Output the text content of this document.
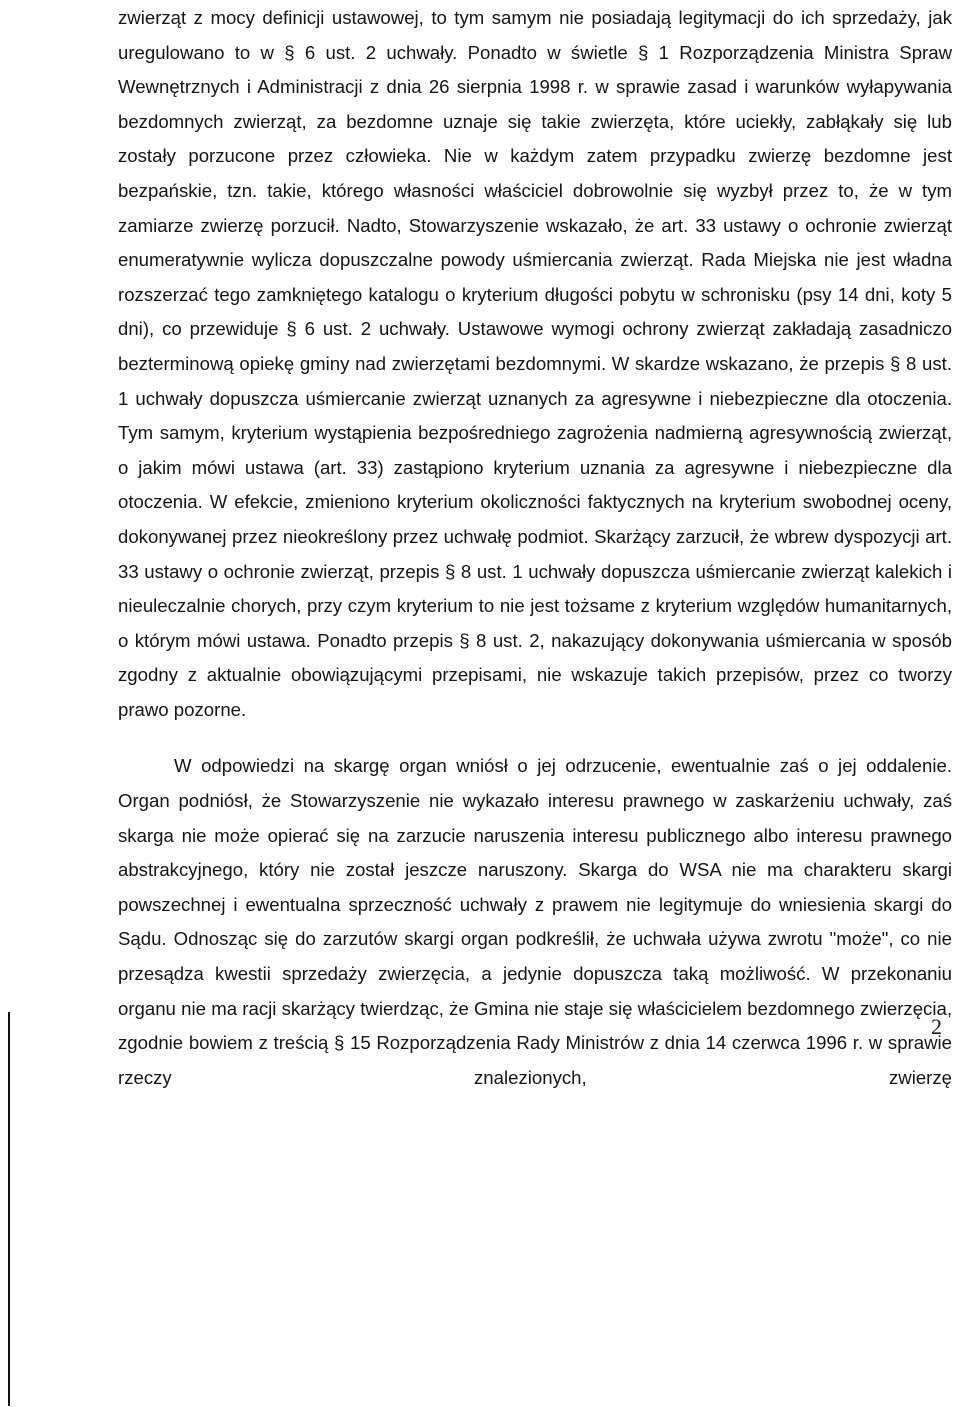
zwierząt z mocy definicji ustawowej, to tym samym nie posiadają legitymacji do ich sprzedaży, jak uregulowano to w § 6 ust. 2 uchwały. Ponadto w świetle § 1 Rozporządzenia Ministra Spraw Wewnętrznych i Administracji z dnia 26 sierpnia 1998 r. w sprawie zasad i warunków wyłapywania bezdomnych zwierząt, za bezdomne uznaje się takie zwierzęta, które uciekły, zabłąkały się lub zostały porzucone przez człowieka. Nie w każdym zatem przypadku zwierzę bezdomne jest bezpańskie, tzn. takie, którego własności właściciel dobrowolnie się wyzbył przez to, że w tym zamiarze zwierzę porzucił. Nadto, Stowarzyszenie wskazało, że art. 33 ustawy o ochronie zwierząt enumeratywnie wylicza dopuszczalne powody uśmiercania zwierząt. Rada Miejska nie jest władna rozszerzać tego zamkniętego katalogu o kryterium długości pobytu w schronisku (psy 14 dni, koty 5 dni), co przewiduje § 6 ust. 2 uchwały. Ustawowe wymogi ochrony zwierząt zakładają zasadniczo bezterminową opiekę gminy nad zwierzętami bezdomnymi. W skardze wskazano, że przepis § 8 ust. 1 uchwały dopuszcza uśmiercanie zwierząt uznanych za agresywne i niebezpieczne dla otoczenia. Tym samym, kryterium wystąpienia bezpośredniego zagrożenia nadmierną agresywnością zwierząt, o jakim mówi ustawa (art. 33) zastąpiono kryterium uznania za agresywne i niebezpieczne dla otoczenia. W efekcie, zmieniono kryterium okoliczności faktycznych na kryterium swobodnej oceny, dokonywanej przez nieokreślony przez uchwałę podmiot. Skarżący zarzucił, że wbrew dyspozycji art. 33 ustawy o ochronie zwierząt, przepis § 8 ust. 1 uchwały dopuszcza uśmiercanie zwierząt kalekich i nieuleczalnie chorych, przy czym kryterium to nie jest tożsame z kryterium względów humanitarnych, o którym mówi ustawa. Ponadto przepis § 8 ust. 2, nakazujący dokonywania uśmiercania w sposób zgodny z aktualnie obowiązującymi przepisami, nie wskazuje takich przepisów, przez co tworzy prawo pozorne.

W odpowiedzi na skargę organ wniósł o jej odrzucenie, ewentualnie zaś o jej oddalenie. Organ podniósł, że Stowarzyszenie nie wykazało interesu prawnego w zaskarżeniu uchwały, zaś skarga nie może opierać się na zarzucie naruszenia interesu publicznego albo interesu prawnego abstrakcyjnego, który nie został jeszcze naruszony. Skarga do WSA nie ma charakteru skargi powszechnej i ewentualna sprzeczność uchwały z prawem nie legitymuje do wniesienia skargi do Sądu. Odnosząc się do zarzutów skargi organ podkreślił, że uchwała używa zwrotu "może", co nie przesądza kwestii sprzedaży zwierzęcia, a jedynie dopuszcza taką możliwość. W przekonaniu organu nie ma racji skarżący twierdząc, że Gmina nie staje się właścicielem bezdomnego zwierzęcia, zgodnie bowiem z treścią § 15 Rozporządzenia Rady Ministrów z dnia 14 czerwca 1996 r. w sprawie rzeczy znalezionych, zwierzę

2
